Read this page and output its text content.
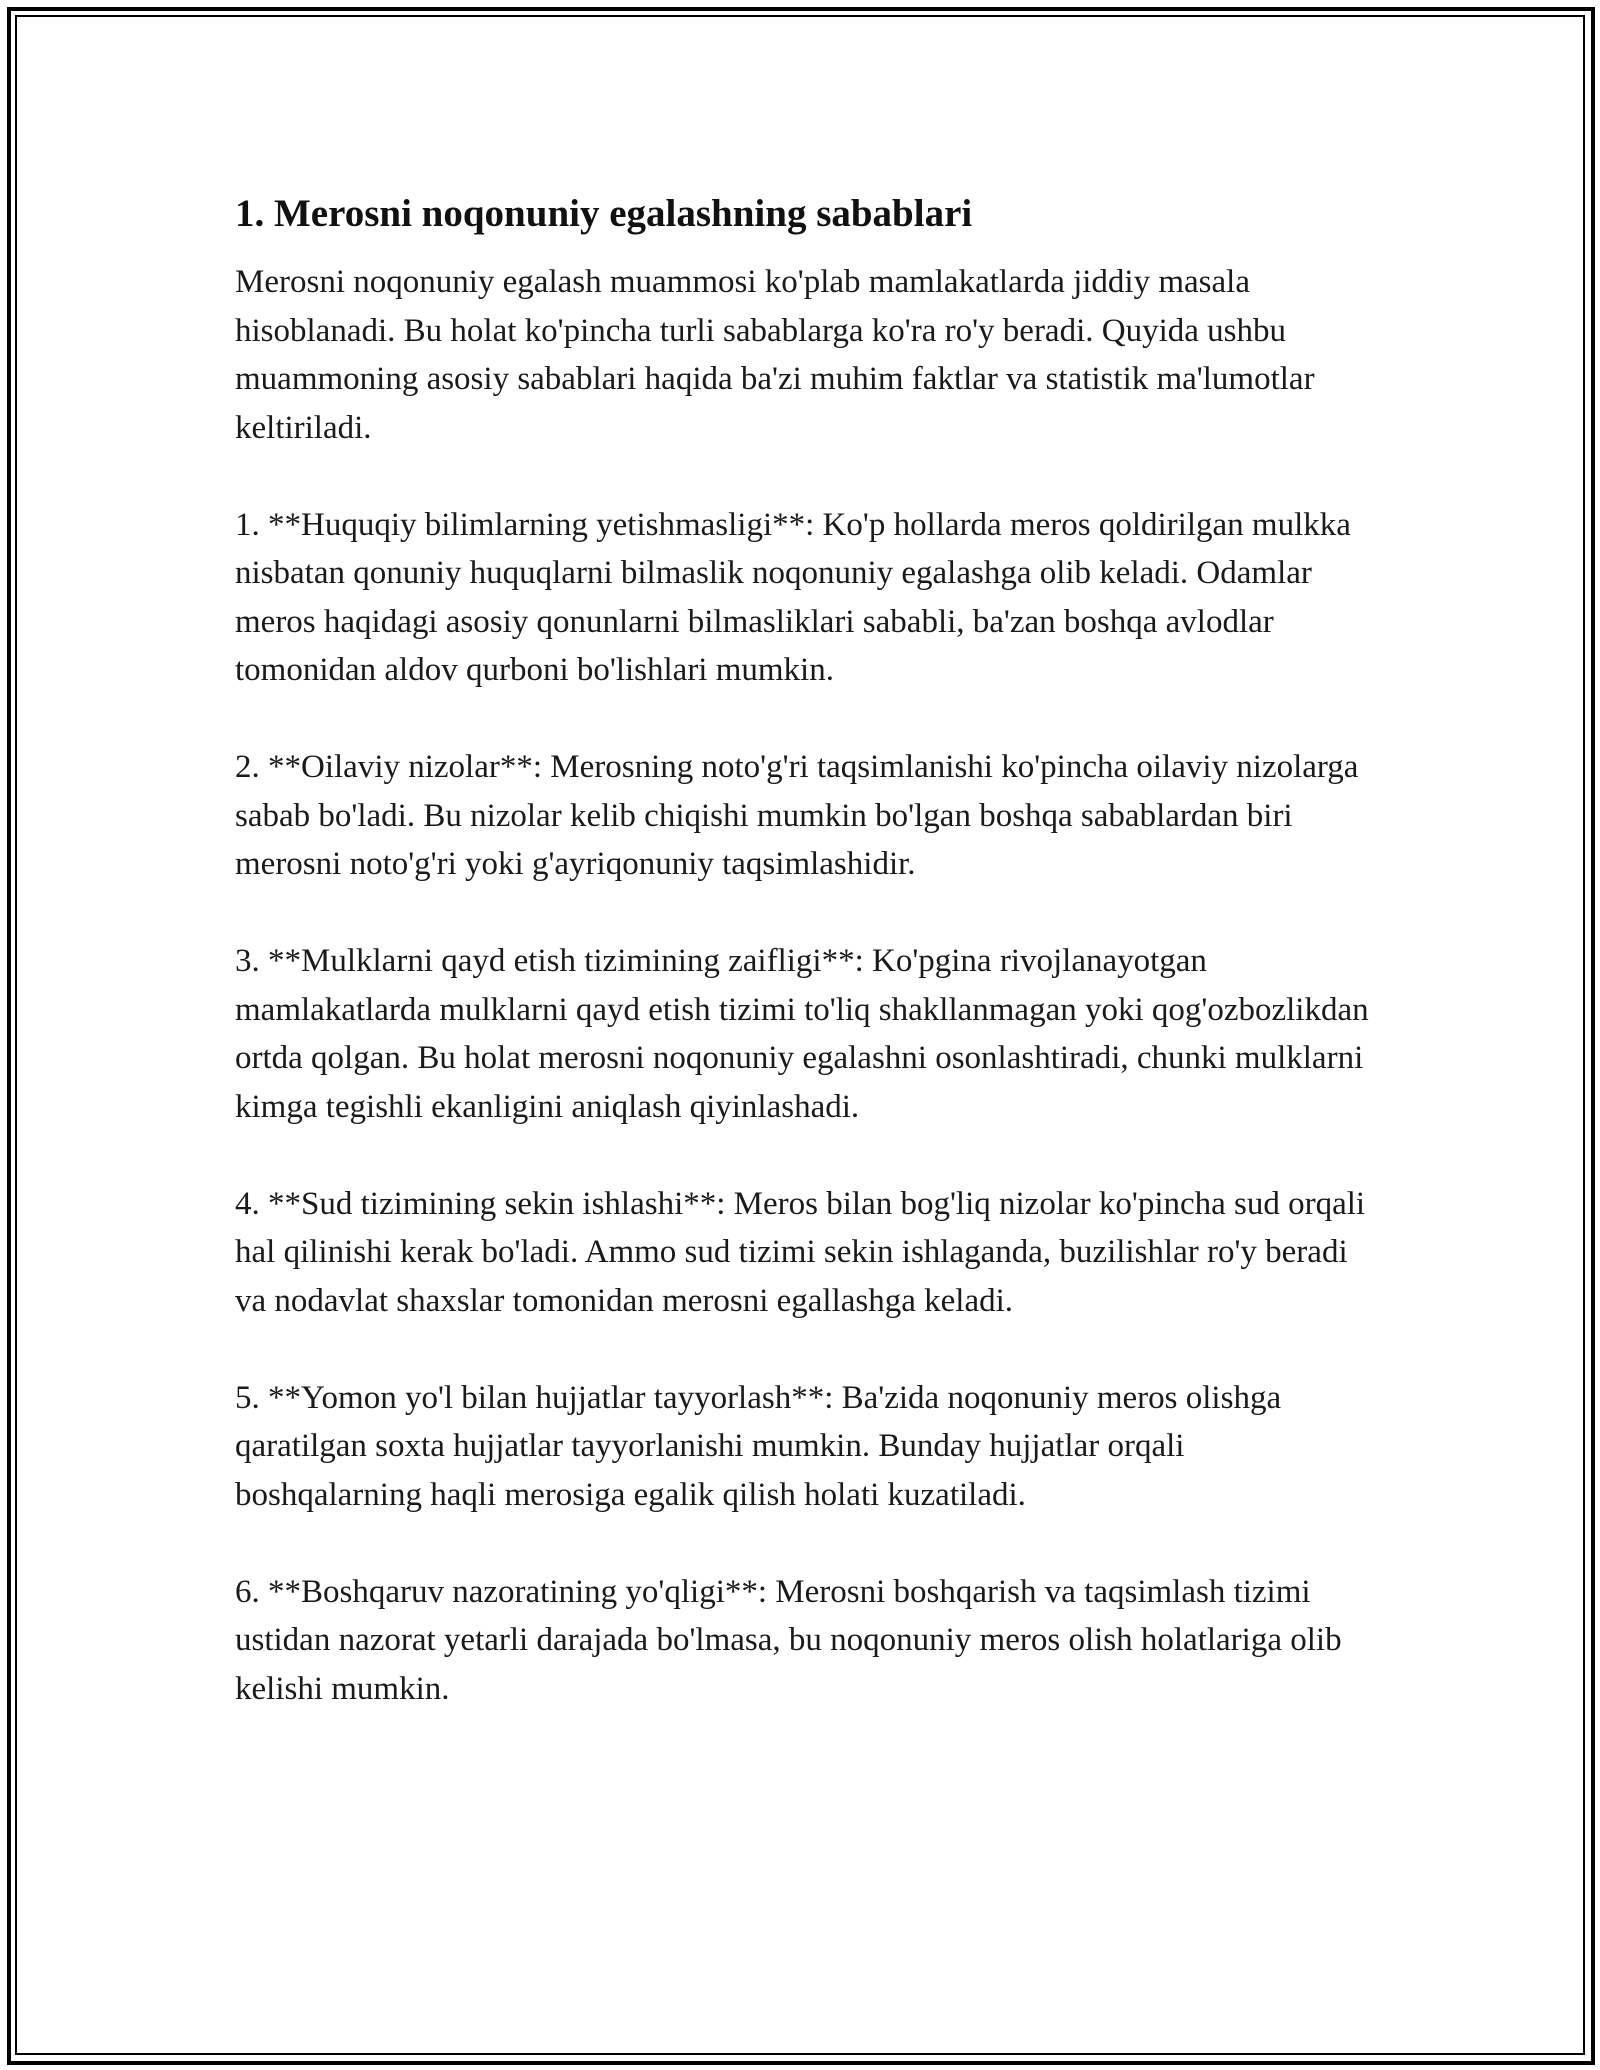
1. Merosni noqonuniy egalashning sabablari

Merosni noqonuniy egalash muammosi ko'plab mamlakatlarda jiddiy masala hisoblanadi. Bu holat ko'pincha turli sabablarga ko'ra ro'y beradi. Quyida ushbu muammoning asosiy sabablari haqida ba'zi muhim faktlar va statistik ma'lumotlar keltiriladi.

1. **Huquqiy bilimlarning yetishmasligi**: Ko'p hollarda meros qoldirilgan mulkka nisbatan qonuniy huquqlarni bilmaslik noqonuniy egalashga olib keladi. Odamlar meros haqidagi asosiy qonunlarni bilmasliklari sababli, ba'zan boshqa avlodlar tomonidan aldov qurboni bo'lishlari mumkin.

2. **Oilaviy nizolar**: Merosning noto'g'ri taqsimlanishi ko'pincha oilaviy nizolarga sabab bo'ladi. Bu nizolar kelib chiqishi mumkin bo'lgan boshqa sabablardan biri merosni noto'g'ri yoki g'ayriqonuniy taqsimlashidir.

3. **Mulklarni qayd etish tizimining zaifligi**: Ko'pgina rivojlanayotgan mamlakatlarda mulklarni qayd etish tizimi to'liq shakllanmagan yoki qog'ozbozlikdan ortda qolgan. Bu holat merosni noqonuniy egalashni osonlashtiradi, chunki mulklarni kimga tegishli ekanligini aniqlash qiyinlashadi.

4. **Sud tizimining sekin ishlashi**: Meros bilan bog'liq nizolar ko'pincha sud orqali hal qilinishi kerak bo'ladi. Ammo sud tizimi sekin ishlaganda, buzilishlar ro'y beradi va nodavlat shaxslar tomonidan merosni egallashga keladi.

5. **Yomon yo'l bilan hujjatlar tayyorlash**: Ba'zida noqonuniy meros olishga qaratilgan soxta hujjatlar tayyorlanishi mumkin. Bunday hujjatlar orqali boshqalarning haqli merosiga egalik qilish holati kuzatiladi.

6. **Boshqaruv nazoratining yo'qligi**: Merosni boshqarish va taqsimlash tizimi ustidan nazorat yetarli darajada bo'lmasa, bu noqonuniy meros olish holatlariga olib kelishi mumkin.
